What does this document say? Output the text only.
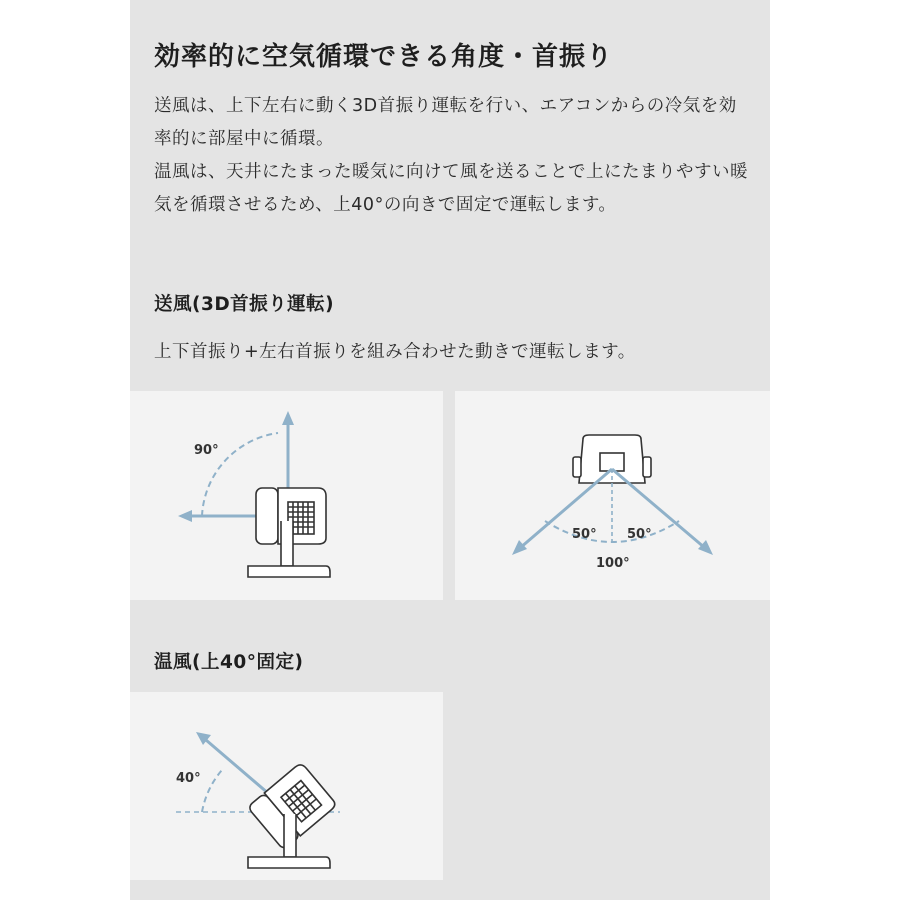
効率的に空気循環できる角度・首振り

送風は、上下左右に動く3D首振り運転を行い、エアコンからの冷気を効率的に部屋中に循環。

温風は、天井にたまった暖気に向けて風を送ることで上にたまりやすい暖気を循環させるため、上40°の向きで固定で運転します。

送風(3D首振り運転)

上下首振り+左右首振りを組み合わせた動きで運転します。

90°
50° 50°
100°
温風(上40°固定)
40°
